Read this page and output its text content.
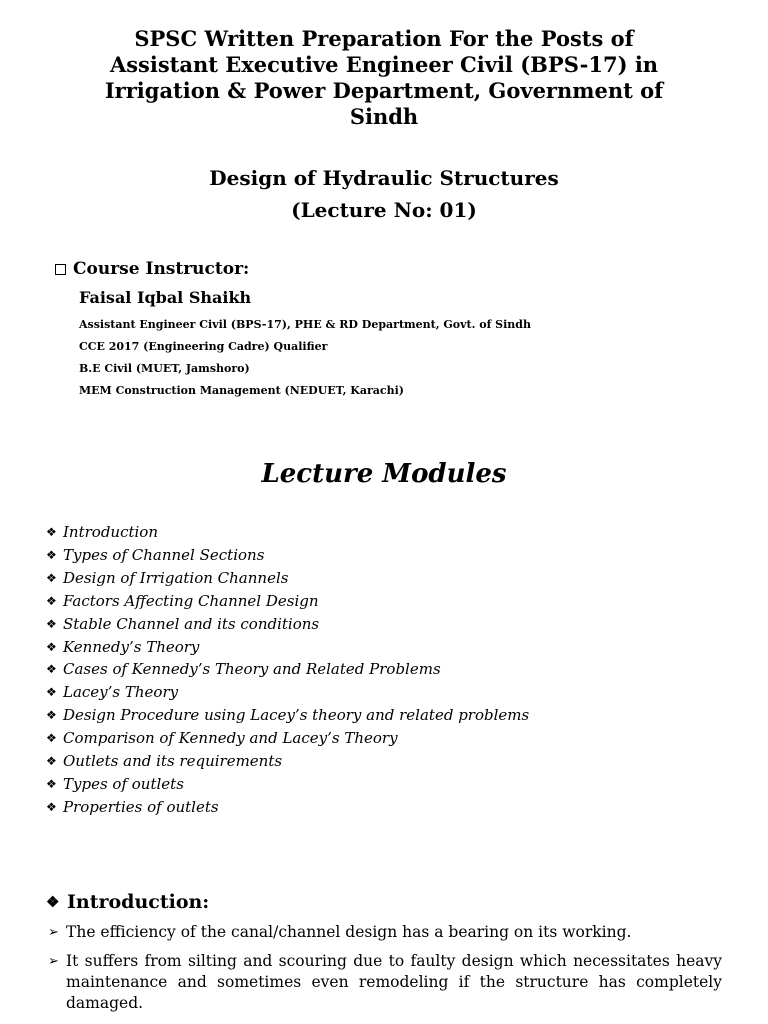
SPSC Written Preparation For the Posts of
Assistant Executive Engineer Civil (BPS-17) in
Irrigation & Power Department, Government of
Sindh
Design of Hydraulic Structures
(Lecture No: 01)
Course Instructor:
Faisal Iqbal Shaikh
Assistant Engineer Civil (BPS-17), PHE & RD Department, Govt. of Sindh
CCE 2017 (Engineering Cadre) Qualifier
B.E Civil (MUET, Jamshoro)
MEM Construction Management (NEDUET, Karachi)
Lecture Modules
❖ Introduction
❖ Types of Channel Sections
❖ Design of Irrigation Channels
❖ Factors Affecting Channel Design
❖ Stable Channel and its conditions
❖ Kennedy’s Theory
❖ Cases of Kennedy’s Theory and Related Problems
❖ Lacey’s Theory
❖ Design Procedure using Lacey’s theory and related problems
❖ Comparison of Kennedy and Lacey’s Theory
❖ Outlets and its requirements
❖ Types of outlets
❖ Properties of outlets
❖ Introduction:
➢ The efficiency of the canal/channel design has a bearing on its working.
➢ It suffers from silting and scouring due to faulty design which necessitates heavy maintenance and sometimes even remodeling if the structure has completely damaged.
